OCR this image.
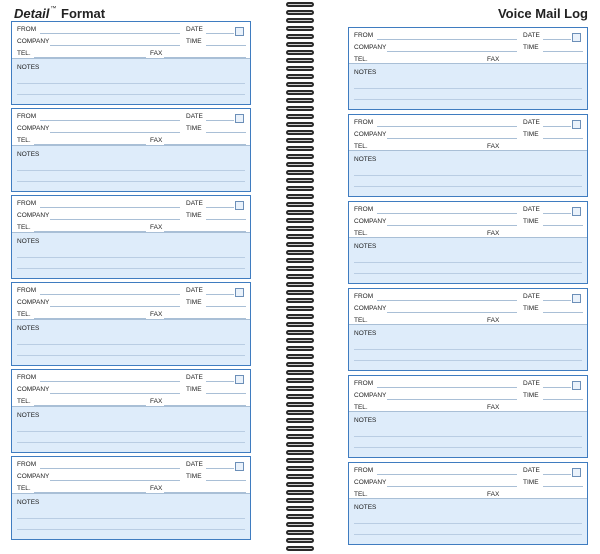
Detail™ Format
FROM	DATE
COMPANY	TIME
TEL.	FAX
NOTES
FROM	DATE
COMPANY	TIME
TEL.	FAX
NOTES
FROM	DATE
COMPANY	TIME
TEL.	FAX
NOTES
FROM	DATE
COMPANY	TIME
TEL.	FAX
NOTES
FROM	DATE
COMPANY	TIME
TEL.	FAX
NOTES
FROM	DATE
COMPANY	TIME
TEL.	FAX
NOTES
Voice Mail Log
FROM	DATE
COMPANY	TIME
TEL.	FAX
NOTES
FROM	DATE
COMPANY	TIME
TEL.	FAX
NOTES
FROM	DATE
COMPANY	TIME
TEL.	FAX
NOTES
FROM	DATE
COMPANY	TIME
TEL.	FAX
NOTES
FROM	DATE
COMPANY	TIME
TEL.	FAX
NOTES
FROM	DATE
COMPANY	TIME
TEL.	FAX
NOTES
